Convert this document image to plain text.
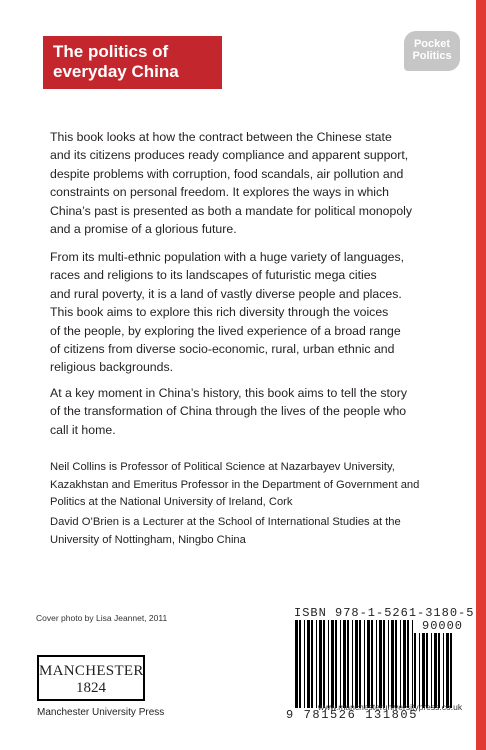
The politics of
everyday China
Pocket
Politics

This book looks at how the contract between the Chinese state
and its citizens produces ready compliance and apparent support,
despite problems with corruption, food scandals, air pollution and
constraints on personal freedom. It explores the ways in which
China’s past is presented as both a mandate for political monopoly
and a promise of a glorious future.

From its multi-ethnic population with a huge variety of languages,
races and religions to its landscapes of futuristic mega cities
and rural poverty, it is a land of vastly diverse people and places.
This book aims to explore this rich diversity through the voices
of the people, by exploring the lived experience of a broad range
of citizens from diverse socio-economic, rural, urban ethnic and
religious backgrounds.

At a key moment in China’s history, this book aims to tell the story
of the transformation of China through the lives of the people who
call it home.

Neil Collins is Professor of Political Science at Nazarbayev University,
Kazakhstan and Emeritus Professor in the Department of Government and
Politics at the National University of Ireland, Cork

David O’Brien is a Lecturer at the School of International Studies at the
University of Nottingham, Ningbo China

Cover photo by Lisa Jeannet, 2011
MANCHESTER
1824
Manchester University Press
ISBN 978-1-5261-3180-5
90000
9 781526 131805
www.manchesteruniversitypress.co.uk
